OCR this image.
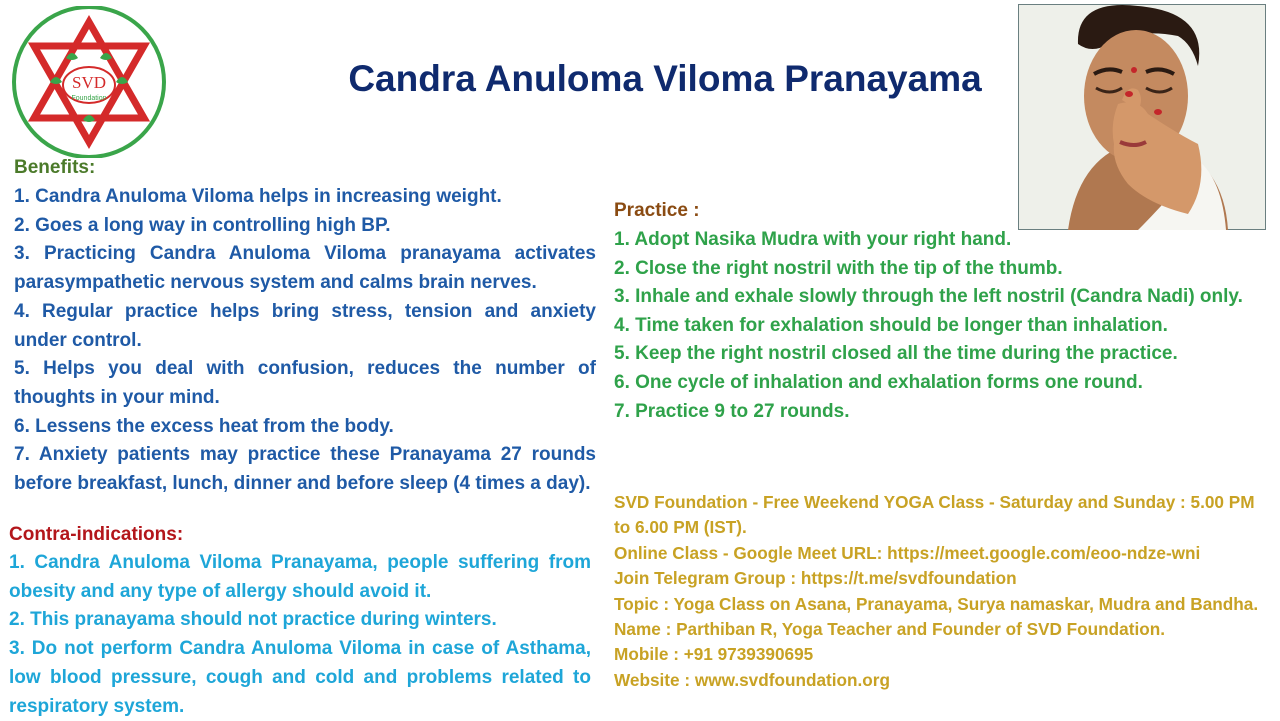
SVD
Foundation	Candra Anuloma Viloma Pranayama
Benefits:
1. Candra Anuloma Viloma helps in increasing weight.
2. Goes a long way in controlling high BP.
3. Practicing Candra Anuloma Viloma pranayama activates parasympathetic nervous system and calms brain nerves.
4. Regular practice helps bring stress, tension and anxiety under control.
5. Helps you deal with confusion, reduces the number of thoughts in your mind.
6. Lessens the excess heat from the body.
7. Anxiety patients may practice these Pranayama 27 rounds before breakfast, lunch, dinner and before sleep (4 times a day).
Contra-indications:
1. Candra Anuloma Viloma Pranayama, people suffering from obesity and any type of allergy should avoid it.
2. This pranayama should not practice during winters.
3. Do not perform Candra Anuloma Viloma in case of Asthama, low blood pressure, cough and cold and problems related to respiratory system.
Practice :
1. Adopt Nasika Mudra with your right hand.
2. Close the right nostril with the tip of the thumb.
3. Inhale and exhale slowly through the left nostril (Candra Nadi) only.
4. Time taken for exhalation should be longer than inhalation.
5. Keep the right nostril closed all the time during the practice.
6. One cycle of inhalation and exhalation forms one round.
7. Practice 9 to 27 rounds.
SVD Foundation - Free Weekend YOGA Class - Saturday and Sunday : 5.00 PM to 6.00 PM (IST).
Online Class - Google Meet URL: https://meet.google.com/eoo-ndze-wni
Join Telegram Group : https://t.me/svdfoundation
Topic : Yoga Class on Asana, Pranayama, Surya namaskar, Mudra and Bandha.
Name : Parthiban R, Yoga Teacher and Founder of SVD Foundation.
Mobile : +91 9739390695
Website : www.svdfoundation.org
